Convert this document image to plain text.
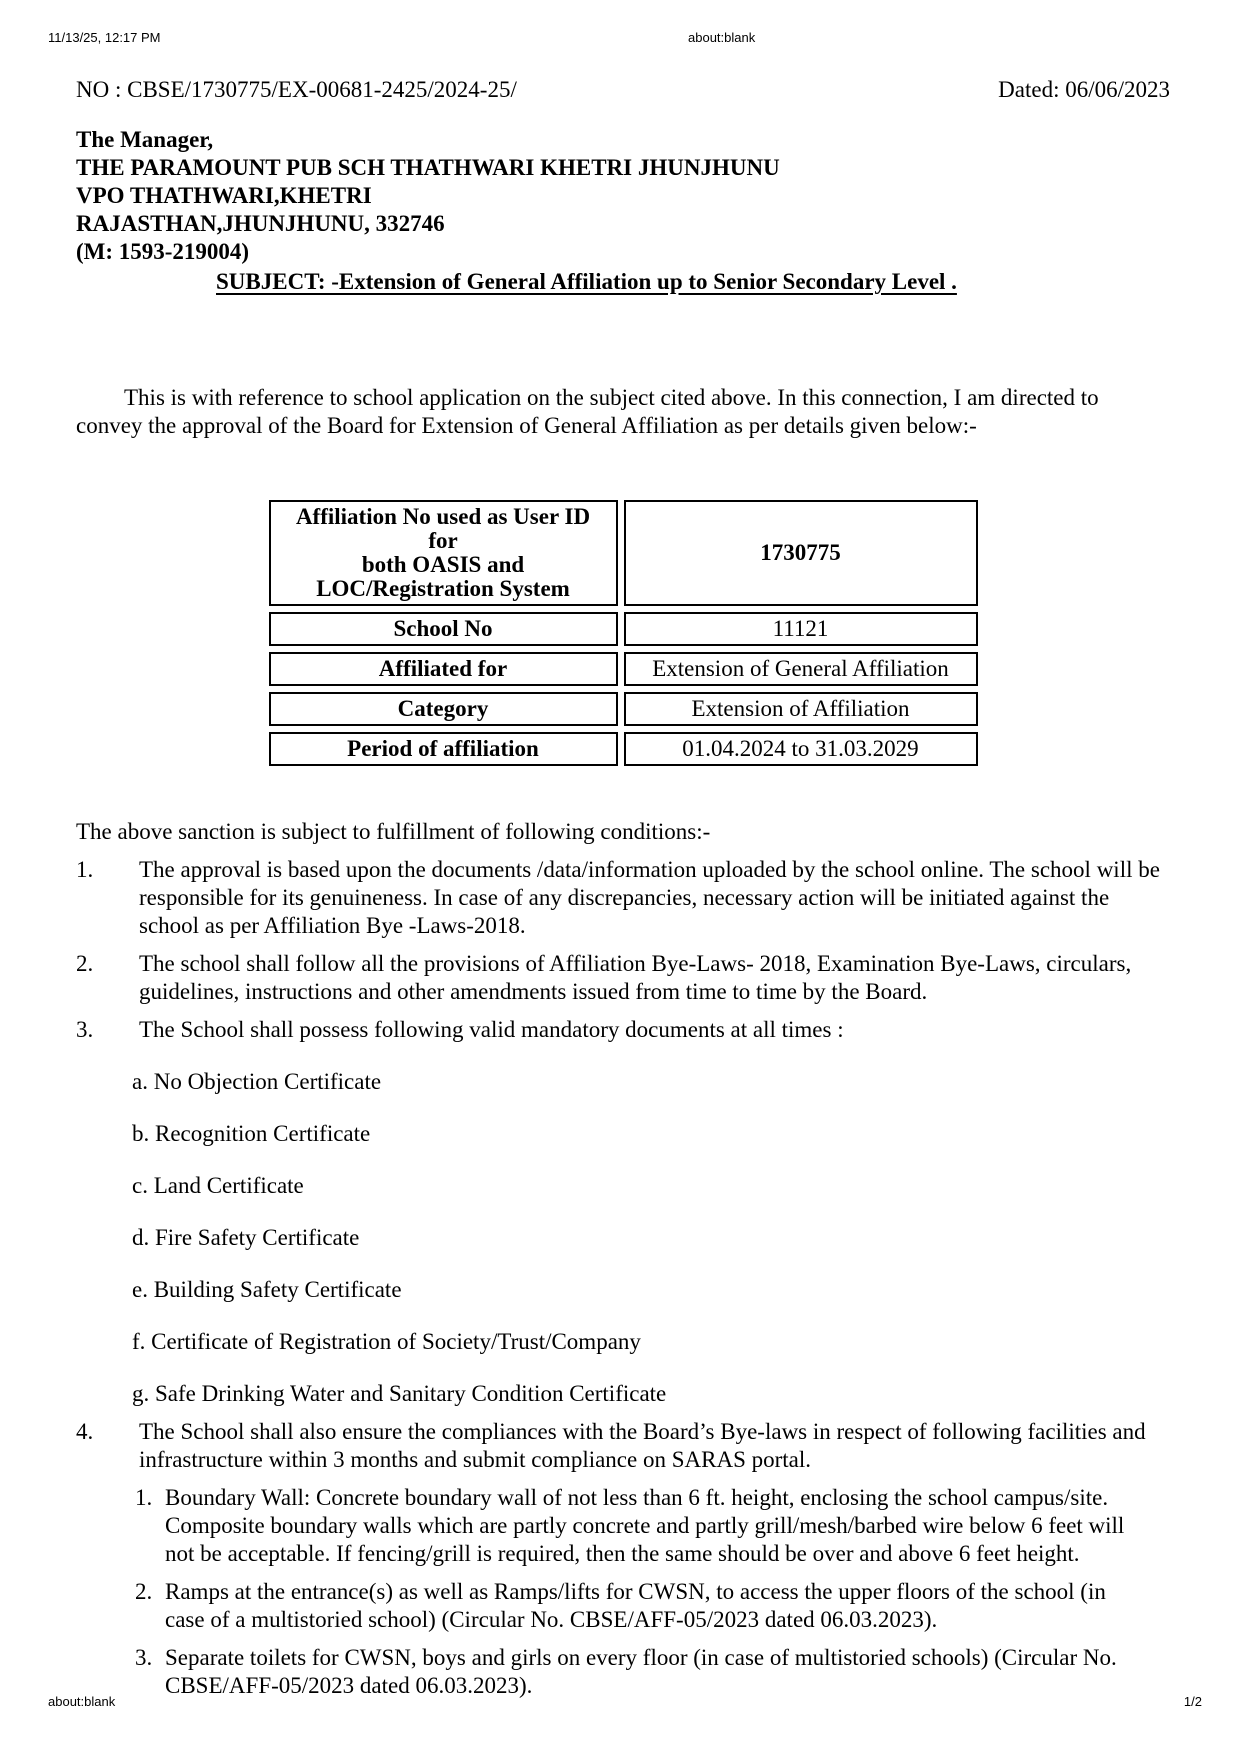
11/13/25, 12:17 PM	about:blank
NO : CBSE/1730775/EX-00681-2425/2024-25/	Dated: 06/06/2023
The Manager,
THE PARAMOUNT PUB SCH THATHWARI KHETRI JHUNJHUNU
VPO THATHWARI,KHETRI
RAJASTHAN,JHUNJHUNU, 332746
(M: 1593-219004)
SUBJECT: -Extension of General Affiliation up to Senior Secondary Level .

This is with reference to school application on the subject cited above. In this connection, I am directed to convey the approval of the Board for Extension of General Affiliation as per details given below:-

Affiliation No used as User ID for
both OASIS and
LOC/Registration System	1730775
School No	11121
Affiliated for	Extension of General Affiliation
Category	Extension of Affiliation
Period of affiliation	01.04.2024 to 31.03.2029
The above sanction is subject to fulfillment of following conditions:-
1.	The approval is based upon the documents /data/information uploaded by the school online. The school will be responsible for its genuineness. In case of any discrepancies, necessary action will be initiated against the school as per Affiliation Bye -Laws-2018.
2.	The school shall follow all the provisions of Affiliation Bye-Laws- 2018, Examination Bye-Laws, circulars, guidelines, instructions and other amendments issued from time to time by the Board.
3.	The School shall possess following valid mandatory documents at all times :

a. No Objection Certificate

b. Recognition Certificate

c. Land Certificate

d. Fire Safety Certificate

e. Building Safety Certificate

f. Certificate of Registration of Society/Trust/Company

g. Safe Drinking Water and Sanitary Condition Certificate

4.	The School shall also ensure the compliances with the Board’s Bye-laws in respect of following facilities and infrastructure within 3 months and submit compliance on SARAS portal.
1. Boundary Wall: Concrete boundary wall of not less than 6 ft. height, enclosing the school campus/site. Composite boundary walls which are partly concrete and partly grill/mesh/barbed wire below 6 feet will not be acceptable. If fencing/grill is required, then the same should be over and above 6 feet height.
2. Ramps at the entrance(s) as well as Ramps/lifts for CWSN, to access the upper floors of the school (in case of a multistoried school) (Circular No. CBSE/AFF-05/2023 dated 06.03.2023).
3. Separate toilets for CWSN, boys and girls on every floor (in case of multistoried schools) (Circular No. CBSE/AFF-05/2023 dated 06.03.2023).
about:blank	1/2
